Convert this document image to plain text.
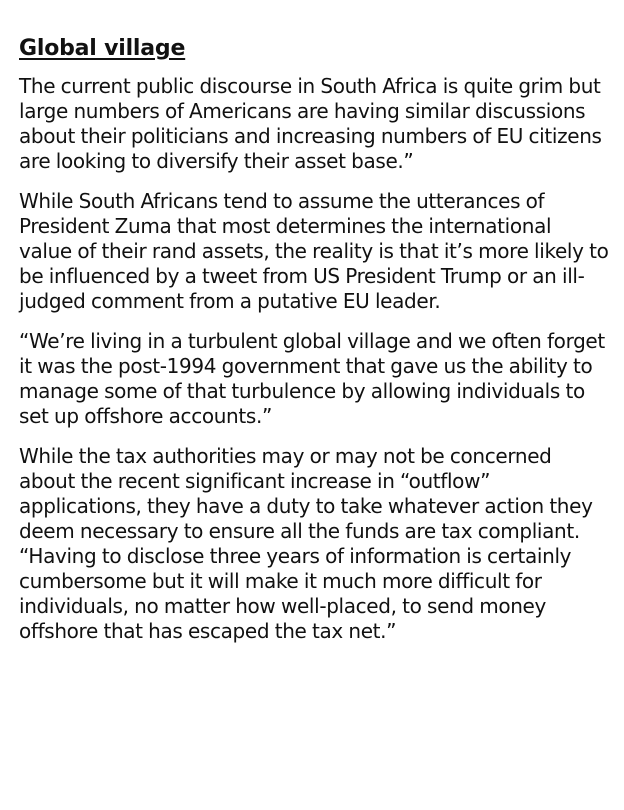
Global village

The current public discourse in South Africa is quite grim but large numbers of Americans are having similar discussions about their politicians and increasing numbers of EU citizens are looking to diversify their asset base.”

While South Africans tend to assume the utterances of President Zuma that most determines the international value of their rand assets, the reality is that it’s more likely to be influenced by a tweet from US President Trump or an ill-judged comment from a putative EU leader.

“We’re living in a turbulent global village and we often forget it was the post-1994 government that gave us the ability to manage some of that turbulence by allowing individuals to set up offshore accounts.”

While the tax authorities may or may not be concerned about the recent significant increase in “outflow” applications, they have a duty to take whatever action they deem necessary to ensure all the funds are tax compliant. “Having to disclose three years of information is certainly cumbersome but it will make it much more difficult for individuals, no matter how well-placed, to send money offshore that has escaped the tax net.”
